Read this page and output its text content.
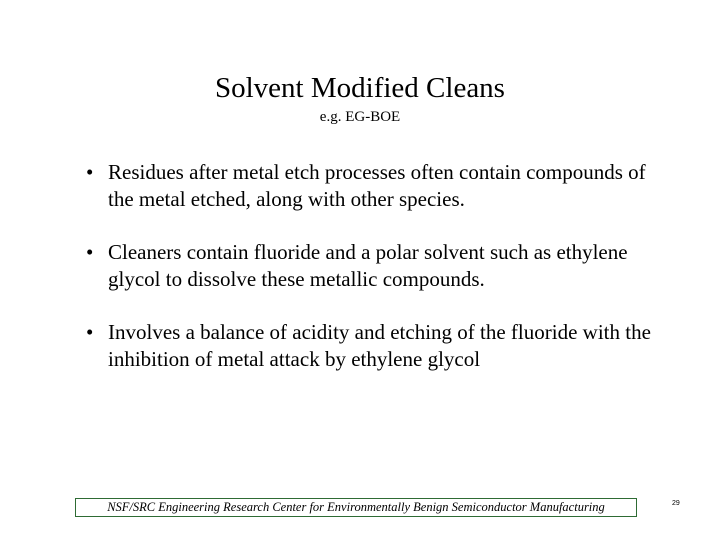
Solvent Modified Cleans
e.g. EG-BOE
• Residues after metal etch processes often contain compounds of the metal etched, along with other species.
• Cleaners contain fluoride and a polar solvent such as ethylene glycol to dissolve these metallic compounds.
• Involves a balance of acidity and etching of the fluoride with the inhibition of metal attack by ethylene glycol
NSF/SRC Engineering Research Center for Environmentally Benign Semiconductor Manufacturing	29
